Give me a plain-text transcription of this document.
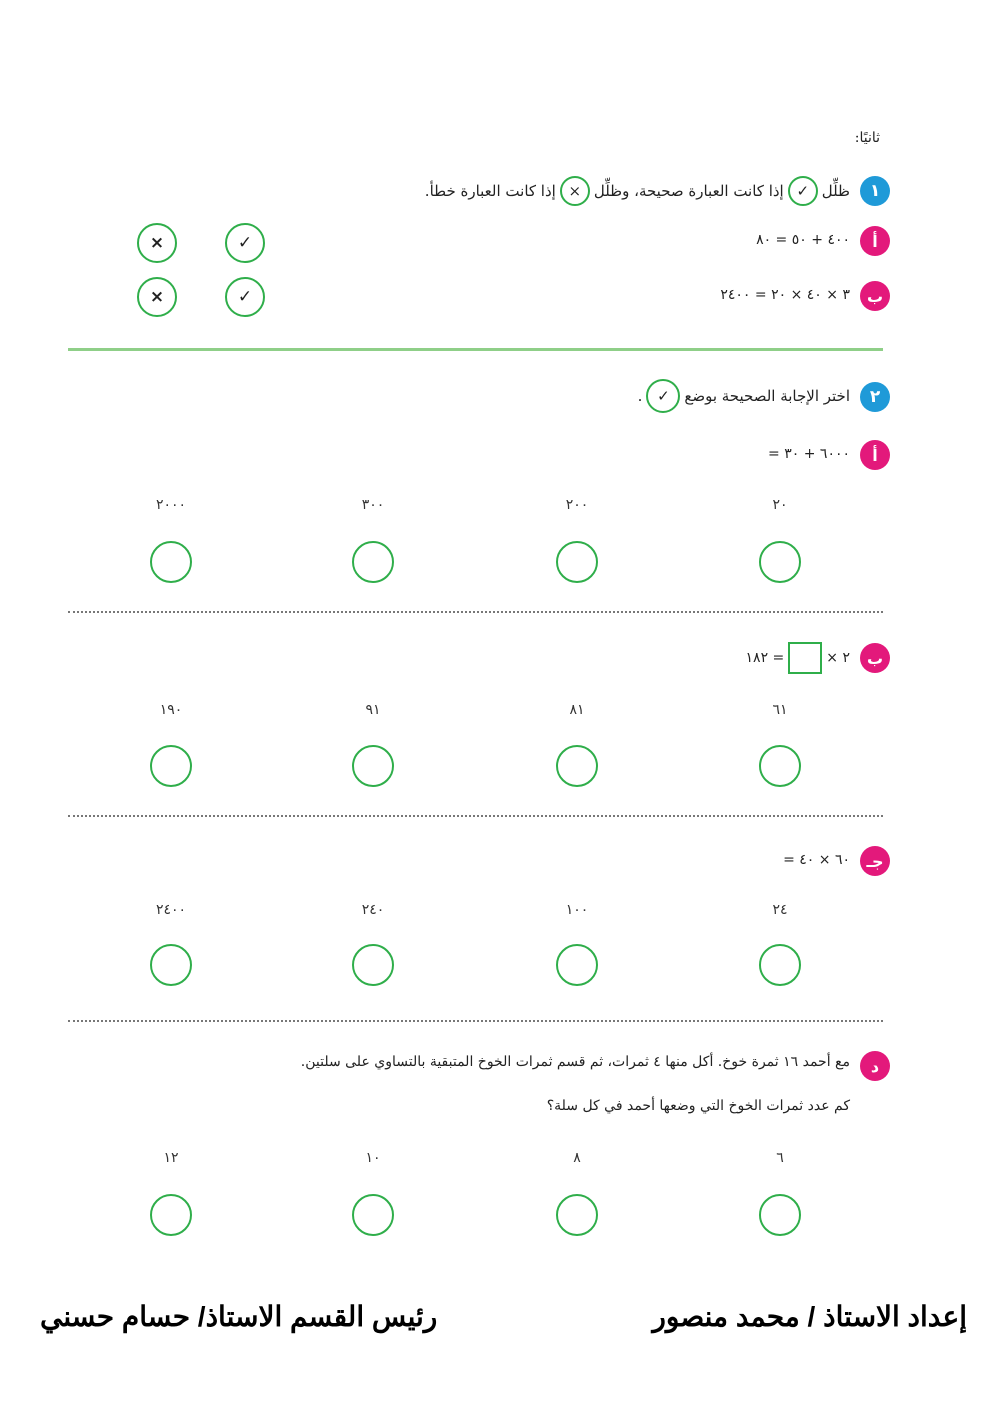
ثانيًا:
١
ظلِّل
✓
إذا كانت العبارة صحيحة، وظلِّل
×
إذا كانت العبارة خطأ.
أ
٤٠٠ + ٥٠ = ٨٠
✓
×
ب
٣ × ٤٠ × ٢٠ = ٢٤٠٠
✓
×
٢
اختر الإجابة الصحيحة بوضع
✓
.
أ
٦٠٠٠ + ٣٠ =
٢٠
٢٠٠
٣٠٠
٢٠٠٠
ب
٢ ×
= ١٨٢
٦١
٨١
٩١
١٩٠
جـ
٦٠ × ٤٠ =
٢٤
١٠٠
٢٤٠
٢٤٠٠
د
مع أحمد ١٦ ثمرة خوخ. أكل منها ٤ ثمرات، ثم قسم ثمرات الخوخ المتبقية بالتساوي على سلتين.
كم عدد ثمرات الخوخ التي وضعها أحمد في كل سلة؟
٦
٨
١٠
١٢
إعداد الاستاذ / محمد منصور
رئيس القسم الاستاذ/ حسام حسني
